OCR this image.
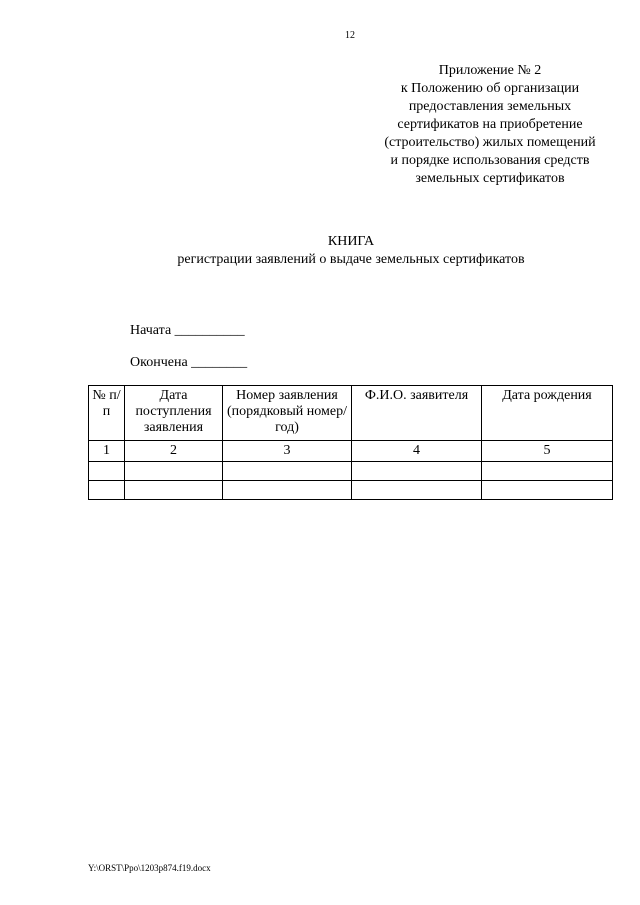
12
Приложение № 2
к Положению об организации
предоставления земельных
сертификатов на приобретение
(строительство) жилых помещений
и порядке использования средств
земельных сертификатов
КНИГА
регистрации заявлений о выдаче земельных сертификатов
Начата __________
Окончена ________
№ п/п	Дата поступления заявления	Номер заявления (порядковый номер/год)	Ф.И.О. заявителя	Дата рождения
1	2	3	4	5

Y:\ORST\Ppo\1203p874.f19.docx
